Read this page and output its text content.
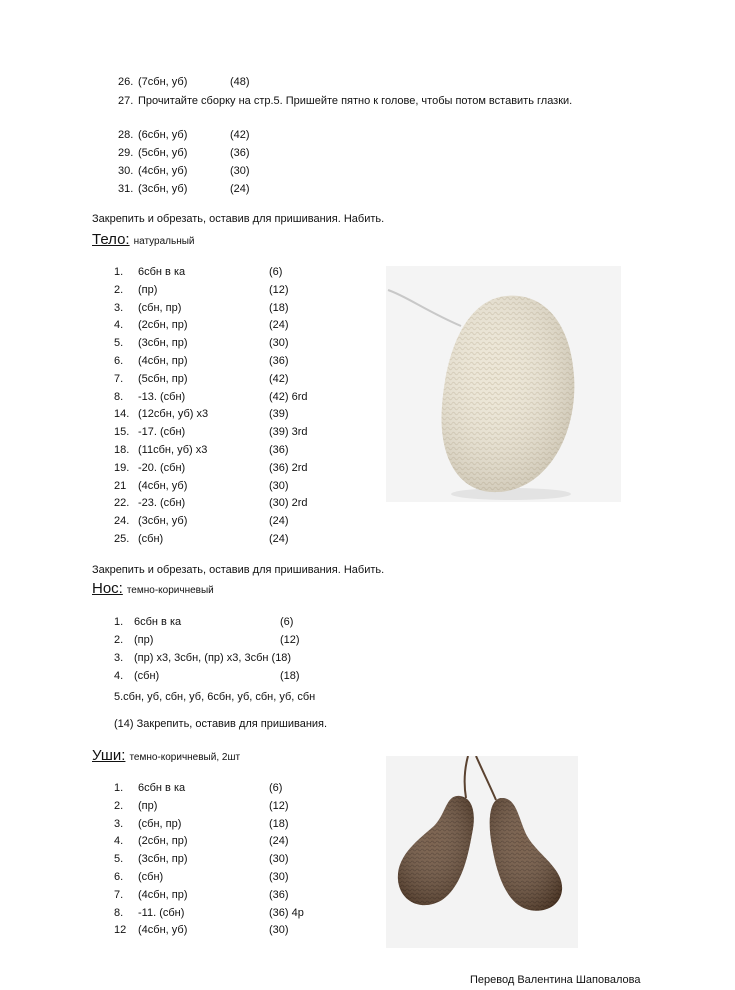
26. (7сбн, уб)	(48)
27. Прочитайте сборку на стр.5. Пришейте пятно к голове, чтобы потом вставить глазки.
28. (6сбн, уб)	(42)
29. (5сбн, уб)	(36)
30. (4сбн, уб)	(30)
31. (3сбн, уб)	(24)
Закрепить и обрезать, оставив для пришивания. Набить.
Тело: натуральный
1. 6сбн в ка	(6)
2. (пр)	(12)
3. (сбн, пр)	(18)
4. (2сбн, пр)	(24)
5. (3сбн, пр)	(30)
6. (4сбн, пр)	(36)
7. (5сбн, пр)	(42)
8. -13. (сбн)	(42) 6rd
14. (12сбн, уб) x3	(39)
15. -17. (сбн)	(39) 3rd
18. (11сбн, уб) x3	(36)
19. -20. (сбн)	(36) 2rd
21 (4сбн, уб)	(30)
22. -23. (сбн)	(30) 2rd
24. (3сбн, уб)	(24)
25. (сбн)	(24)
Закрепить и обрезать, оставив для пришивания. Набить.
Нос: темно-коричневый
1. 6сбн в ка	(6)
2. (пр)	(12)
3. (пр) x3, 3сбн, (пр) x3, 3сбн (18)
4. (сбн)	(18)
5.сбн, уб, сбн, уб, 6сбн, уб, сбн, уб, сбн
(14) Закрепить, оставив для пришивания.
Уши: темно-коричневый, 2шт
1. 6сбн в ка	(6)
2. (пр)	(12)
3. (сбн, пр)	(18)
4. (2сбн, пр)	(24)
5. (3сбн, пр)	(30)
6. (сбн)	(30)
7. (4сбн, пр)	(36)
8. -11. (сбн)	(36) 4р
12 (4сбн, уб)	(30)
Перевод Валентина Шаповалова
